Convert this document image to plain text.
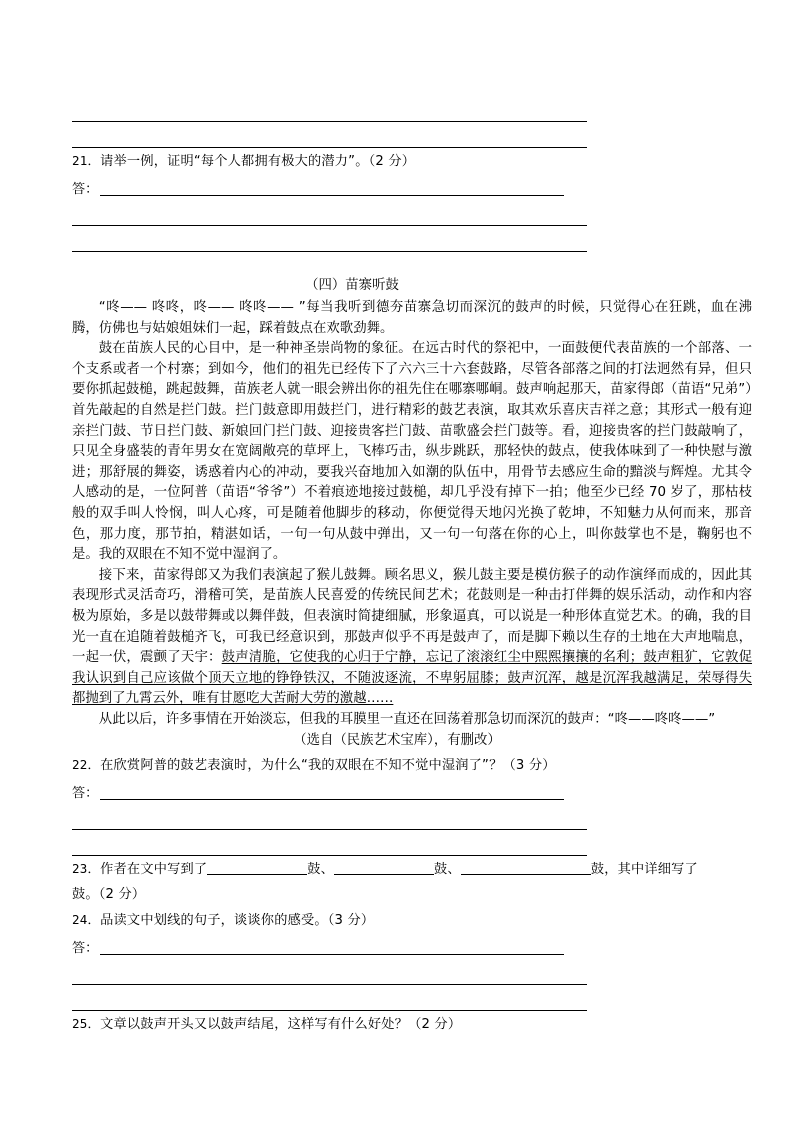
21．请举一例，证明“每个人都拥有极大的潜力”。（2 分）
答：
（四）苗寨听鼓
“咚—— 咚咚，咚—— 咚咚—— ”每当我听到德夯苗寨急切而深沉的鼓声的时候，只觉得心在狂跳，血在沸腾，仿佛也与姑娘姐妹们一起，踩着鼓点在欢歌劲舞。
鼓在苗族人民的心目中，是一种神圣崇尚物的象征。在远古时代的祭祀中，一面鼓便代表苗族的一个部落、一个支系或者一个村寨；到如今，他们的祖先已经传下了六六三十六套鼓路，尽管各部落之间的打法迥然有异，但只要你抓起鼓槌，跳起鼓舞，苗族老人就一眼会辨出你的祖先住在哪寨哪峒。鼓声响起那天，苗家得郎（苗语“兄弟”）首先敲起的自然是拦门鼓。拦门鼓意即用鼓拦门，进行精彩的鼓艺表演，取其欢乐喜庆吉祥之意；其形式一般有迎亲拦门鼓、节日拦门鼓、新娘回门拦门鼓、迎接贵客拦门鼓、苗歌盛会拦门鼓等。看，迎接贵客的拦门鼓敲响了，只见全身盛装的青年男女在宽阔敞亮的草坪上，飞棒巧击，纵步跳跃，那轻快的鼓点，使我体味到了一种快慰与激进；那舒展的舞姿，诱惑着内心的冲动，要我兴奋地加入如潮的队伍中，用骨节去感应生命的黯淡与辉煌。尤其令人感动的是，一位阿普（苗语“爷爷”）不着痕迹地接过鼓槌，却几乎没有掉下一拍；他至少已经 70 岁了，那枯枝般的双手叫人怜悯，叫人心疼，可是随着他脚步的移动，你便觉得天地闪光换了乾坤，不知魅力从何而来，那音色，那力度，那节拍，精湛如话，一句一句从鼓中弹出，又一句一句落在你的心上，叫你鼓掌也不是，鞠躬也不是。我的双眼在不知不觉中湿润了。
接下来，苗家得郎又为我们表演起了猴儿鼓舞。顾名思义，猴儿鼓主要是模仿猴子的动作演绎而成的，因此其表现形式灵活奇巧，滑稽可笑，是苗族人民喜爱的传统民间艺术；花鼓则是一种击打伴舞的娱乐活动，动作和内容极为原始，多是以鼓带舞或以舞伴鼓，但表演时简捷细腻，形象逼真，可以说是一种形体直觉艺术。的确，我的目光一直在追随着鼓槌齐飞，可我已经意识到，那鼓声似乎不再是鼓声了，而是脚下赖以生存的土地在大声地喘息，一起一伏，震颤了天宇：鼓声清脆，它使我的心归于宁静，忘记了滚滚红尘中熙熙攘攘的名利；鼓声粗犷，它敦促我认识到自己应该做个顶天立地的铮铮铁汉，不随波逐流，不卑躬屈膝；鼓声沉浑，越是沉浑我越满足，荣辱得失都抛到了九霄云外，唯有甘愿吃大苦耐大劳的激越……
从此以后，许多事情在开始淡忘，但我的耳膜里一直还在回荡着那急切而深沉的鼓声：“咚——咚咚——”
（选自（民族艺术宝库），有删改）
22．在欣赏阿普的鼓艺表演时，为什么“我的双眼在不知不觉中湿润了”？（3 分）
答：
23．作者在文中写到了	鼓、	鼓、	鼓，其中详细写了
鼓。（2 分）
24．品读文中划线的句子，谈谈你的感受。（3 分）
答：
25．文章以鼓声开头又以鼓声结尾，这样写有什么好处？（2 分）
